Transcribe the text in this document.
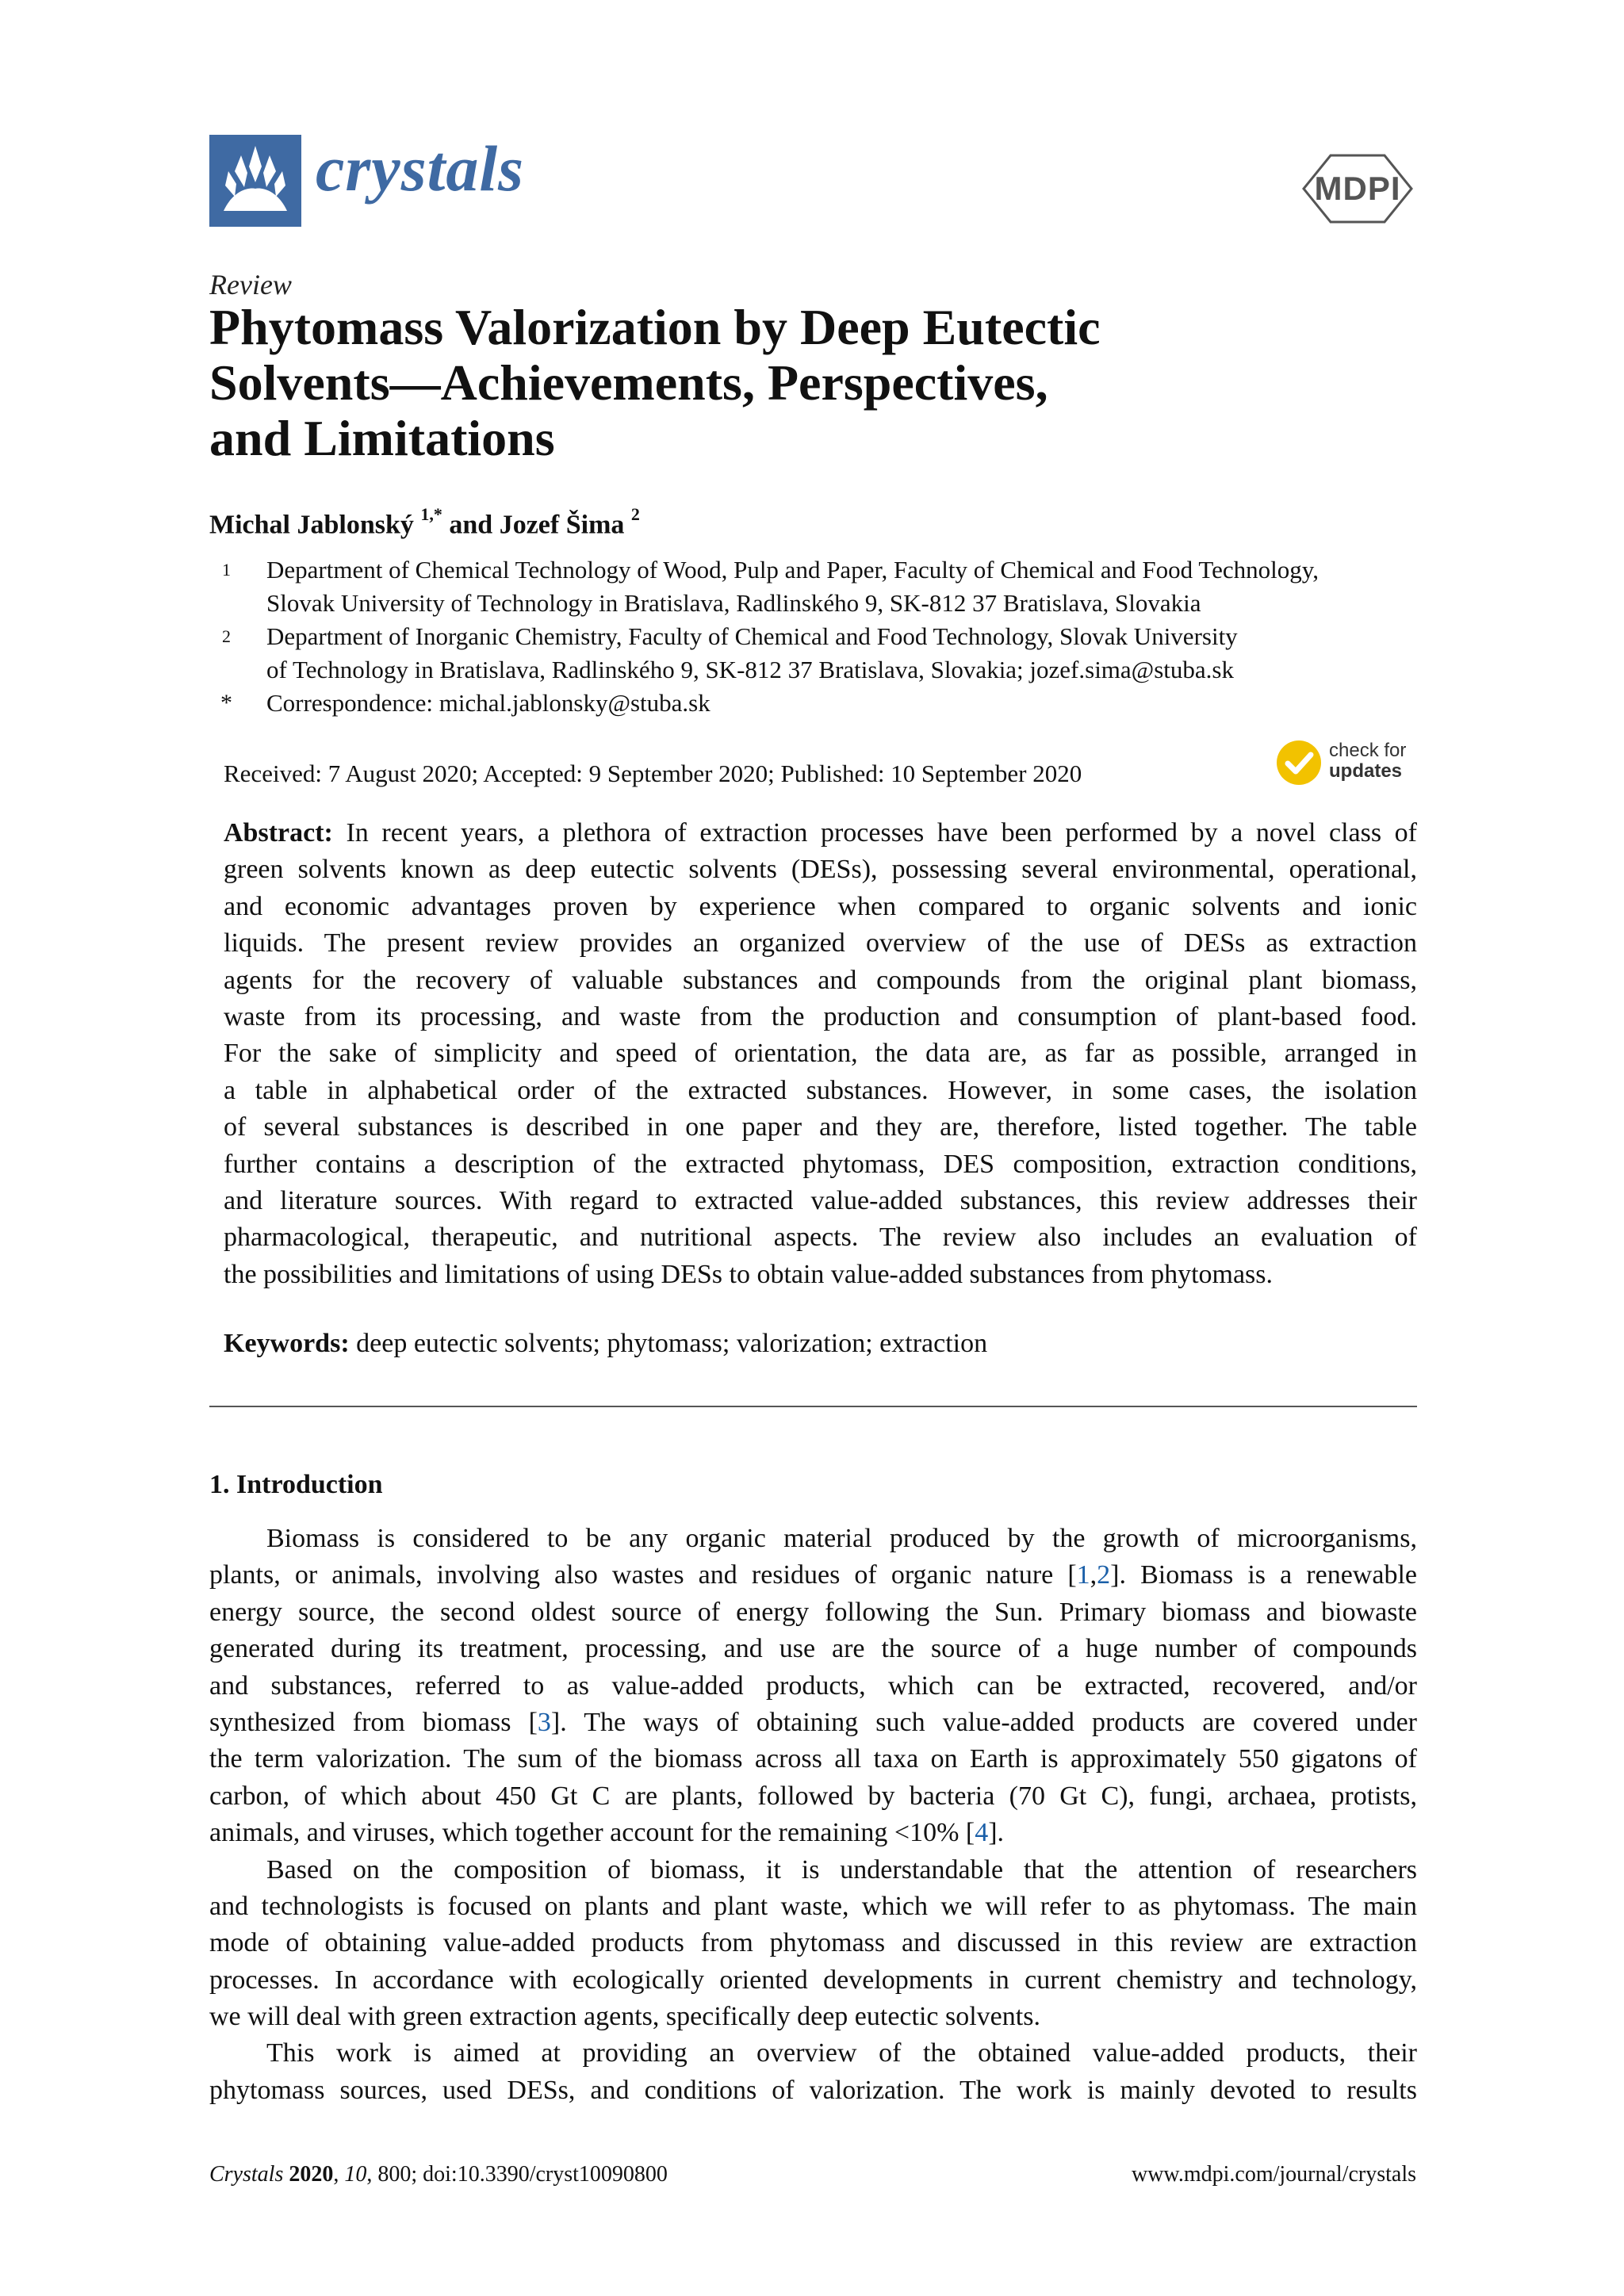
crystals	MDPI
Review
Phytomass Valorization by Deep Eutectic
Solvents—Achievements, Perspectives,
and Limitations
Michal Jablonský $^{1,*}$ and Jozef Šima $^2$
1 Department of Chemical Technology of Wood, Pulp and Paper, Faculty of Chemical and Food Technology,
Slovak University of Technology in Bratislava, Radlinského 9, SK-812 37 Bratislava, Slovakia
2 Department of Inorganic Chemistry, Faculty of Chemical and Food Technology, Slovak University
of Technology in Bratislava, Radlinského 9, SK-812 37 Bratislava, Slovakia; jozef.sima@stuba.sk
* Correspondence: michal.jablonsky@stuba.sk
Received: 7 August 2020; Accepted: 9 September 2020; Published: 10 September 2020
check for
updates
Abstract: In recent years, a plethora of extraction processes have been performed by a novel class of
green solvents known as deep eutectic solvents (DESs), possessing several environmental, operational,
and economic advantages proven by experience when compared to organic solvents and ionic
liquids. The present review provides an organized overview of the use of DESs as extraction
agents for the recovery of valuable substances and compounds from the original plant biomass,
waste from its processing, and waste from the production and consumption of plant-based food.
For the sake of simplicity and speed of orientation, the data are, as far as possible, arranged in
a table in alphabetical order of the extracted substances. However, in some cases, the isolation
of several substances is described in one paper and they are, therefore, listed together. The table
further contains a description of the extracted phytomass, DES composition, extraction conditions,
and literature sources. With regard to extracted value-added substances, this review addresses their
pharmacological, therapeutic, and nutritional aspects. The review also includes an evaluation of
the possibilities and limitations of using DESs to obtain value-added substances from phytomass.
Keywords: deep eutectic solvents; phytomass; valorization; extraction
1. Introduction
Biomass is considered to be any organic material produced by the growth of microorganisms,
plants, or animals, involving also wastes and residues of organic nature [1,2]. Biomass is a renewable
energy source, the second oldest source of energy following the Sun. Primary biomass and biowaste
generated during its treatment, processing, and use are the source of a huge number of compounds
and substances, referred to as value-added products, which can be extracted, recovered, and/or
synthesized from biomass [3]. The ways of obtaining such value-added products are covered under
the term valorization. The sum of the biomass across all taxa on Earth is approximately 550 gigatons of
carbon, of which about 450 Gt C are plants, followed by bacteria (70 Gt C), fungi, archaea, protists,
animals, and viruses, which together account for the remaining <10% [4].
Based on the composition of biomass, it is understandable that the attention of researchers
and technologists is focused on plants and plant waste, which we will refer to as phytomass. The main
mode of obtaining value-added products from phytomass and discussed in this review are extraction
processes. In accordance with ecologically oriented developments in current chemistry and technology,
we will deal with green extraction agents, specifically deep eutectic solvents.
This work is aimed at providing an overview of the obtained value-added products, their
phytomass sources, used DESs, and conditions of valorization. The work is mainly devoted to results
Crystals 2020, 10, 800; doi:10.3390/cryst10090800	www.mdpi.com/journal/crystals
